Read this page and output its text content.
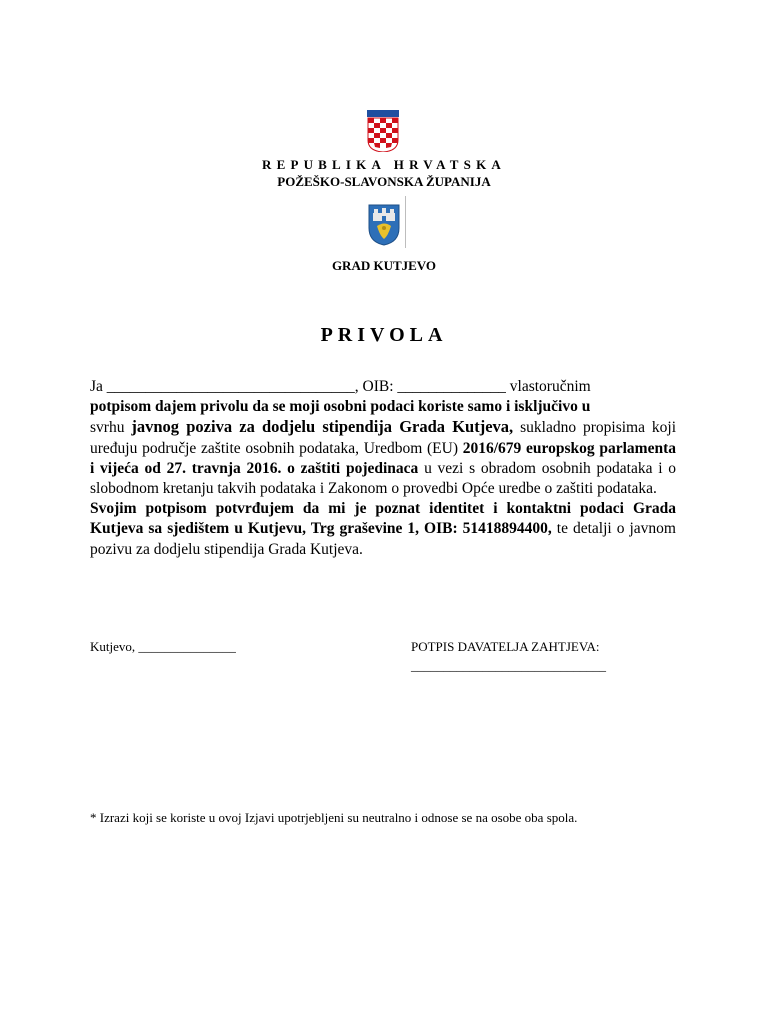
REPUBLIKA HRVATSKA
POŽEŠKO-SLAVONSKA ŽUPANIJA
GRAD KUTJEVO
PRIVOLA

Ja ________________________________, OIB: ______________ vlastoručnim
potpisom dajem privolu da se moji osobni podaci koriste samo i isključivo u
svrhu javnog poziva za dodjelu stipendija Grada Kutjeva, sukladno propisima koji uređuju područje zaštite osobnih podataka, Uredbom (EU) 2016/679 europskog parlamenta i vijeća od 27. travnja 2016. o zaštiti pojedinaca u vezi s obradom osobnih podataka i o slobodnom kretanju takvih podataka i Zakonom o provedbi Opće uredbe o zaštiti podataka.

Svojim potpisom potvrđujem da mi je poznat identitet i kontaktni podaci Grada Kutjeva sa sjedištem u Kutjevu, Trg graševine 1, OIB: 51418894400, te detalji o javnom pozivu za dodjelu stipendija Grada Kutjeva.

Kutjevo, _______________	POTPIS DAVATELJA ZAHTJEVA:
______________________________
* Izrazi koji se koriste u ovoj Izjavi upotrjebljeni su neutralno i odnose se na osobe oba spola.
